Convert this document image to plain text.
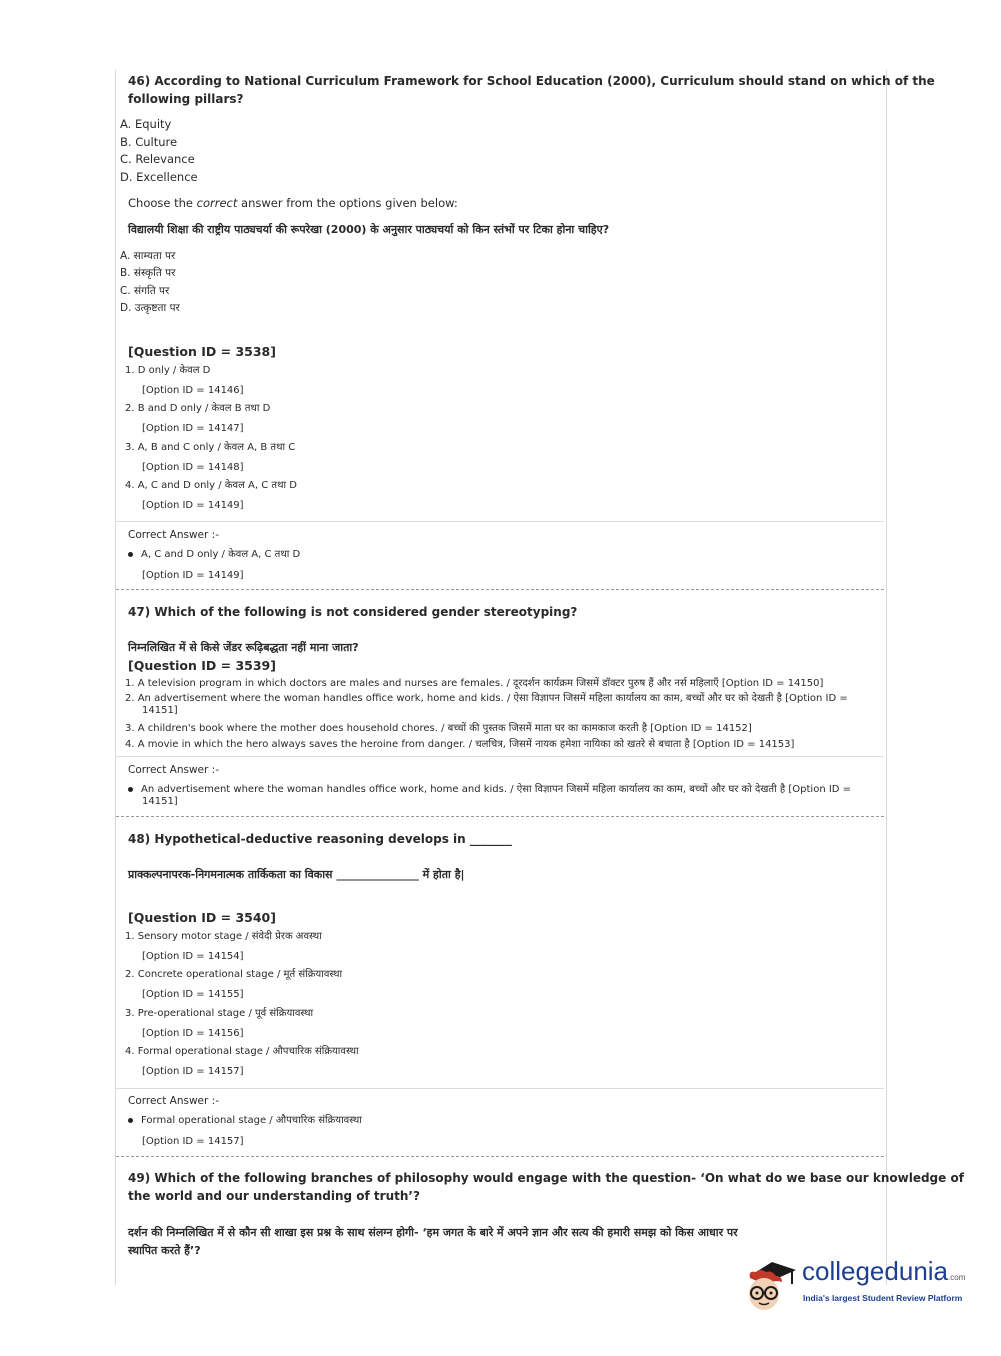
46) According to National Curriculum Framework for School Education (2000), Curriculum should stand on which of the
following pillars?
A. Equity
B. Culture
C. Relevance
D. Excellence
Choose the correct answer from the options given below:
विद्यालयी शिक्षा की राष्ट्रीय पाठ्यचर्या की रूपरेखा (2000) के अनुसार पाठ्यचर्या को किन स्तंभों पर टिका होना चाहिए?
A. साम्यता पर
B. संस्कृति पर
C. संगति पर
D. उत्कृष्टता पर
[Question ID = 3538]
1. D only / केवल D
[Option ID = 14146]
2. B and D only / केवल B तथा D
[Option ID = 14147]
3. A, B and C only / केवल A, B तथा C
[Option ID = 14148]
4. A, C and D only / केवल A, C तथा D
[Option ID = 14149]
Correct Answer :-
A, C and D only / केवल A, C तथा D
[Option ID = 14149]
47) Which of the following is not considered gender stereotyping?
निम्नलिखित में से किसे जेंडर रूढ़िबद्धता नहीं माना जाता?
[Question ID = 3539]
1. A television program in which doctors are males and nurses are females. / दूरदर्शन कार्यक्रम जिसमें डॉक्टर पुरुष हैं और नर्स महिलाएँ [Option ID = 14150]
2. An advertisement where the woman handles office work, home and kids. / ऐसा विज्ञापन जिसमें महिला कार्यालय का काम, बच्चों और घर को देखती है [Option ID =
14151]
3. A children's book where the mother does household chores. / बच्चों की पुस्तक जिसमें माता घर का कामकाज करती है [Option ID = 14152]
4. A movie in which the hero always saves the heroine from danger. / चलचित्र, जिसमें नायक हमेशा नायिका को खतरे से बचाता है [Option ID = 14153]
Correct Answer :-
An advertisement where the woman handles office work, home and kids. / ऐसा विज्ञापन जिसमें महिला कार्यालय का काम, बच्चों और घर को देखती है [Option ID =
14151]
48) Hypothetical-deductive reasoning develops in _______
प्राक्कल्पनापरक-निगमनात्मक तार्किकता का विकास _______________ में होता है|
[Question ID = 3540]
1. Sensory motor stage / संवेदी प्रेरक अवस्था
[Option ID = 14154]
2. Concrete operational stage / मूर्त संक्रियावस्था
[Option ID = 14155]
3. Pre-operational stage / पूर्व संक्रियावस्था
[Option ID = 14156]
4. Formal operational stage / औपचारिक संक्रियावस्था
[Option ID = 14157]
Correct Answer :-
Formal operational stage / औपचारिक संक्रियावस्था
[Option ID = 14157]
49) Which of the following branches of philosophy would engage with the question- ‘On what do we base our knowledge of
the world and our understanding of truth’?
दर्शन की निम्नलिखित में से कौन सी शाखा इस प्रश्न के साथ संलग्न होगी- ‘हम जगत के बारे में अपने ज्ञान और सत्य की हमारी समझ को किस आधार पर
स्थापित करते हैं’?
collegedunia.com
India's largest Student Review Platform
